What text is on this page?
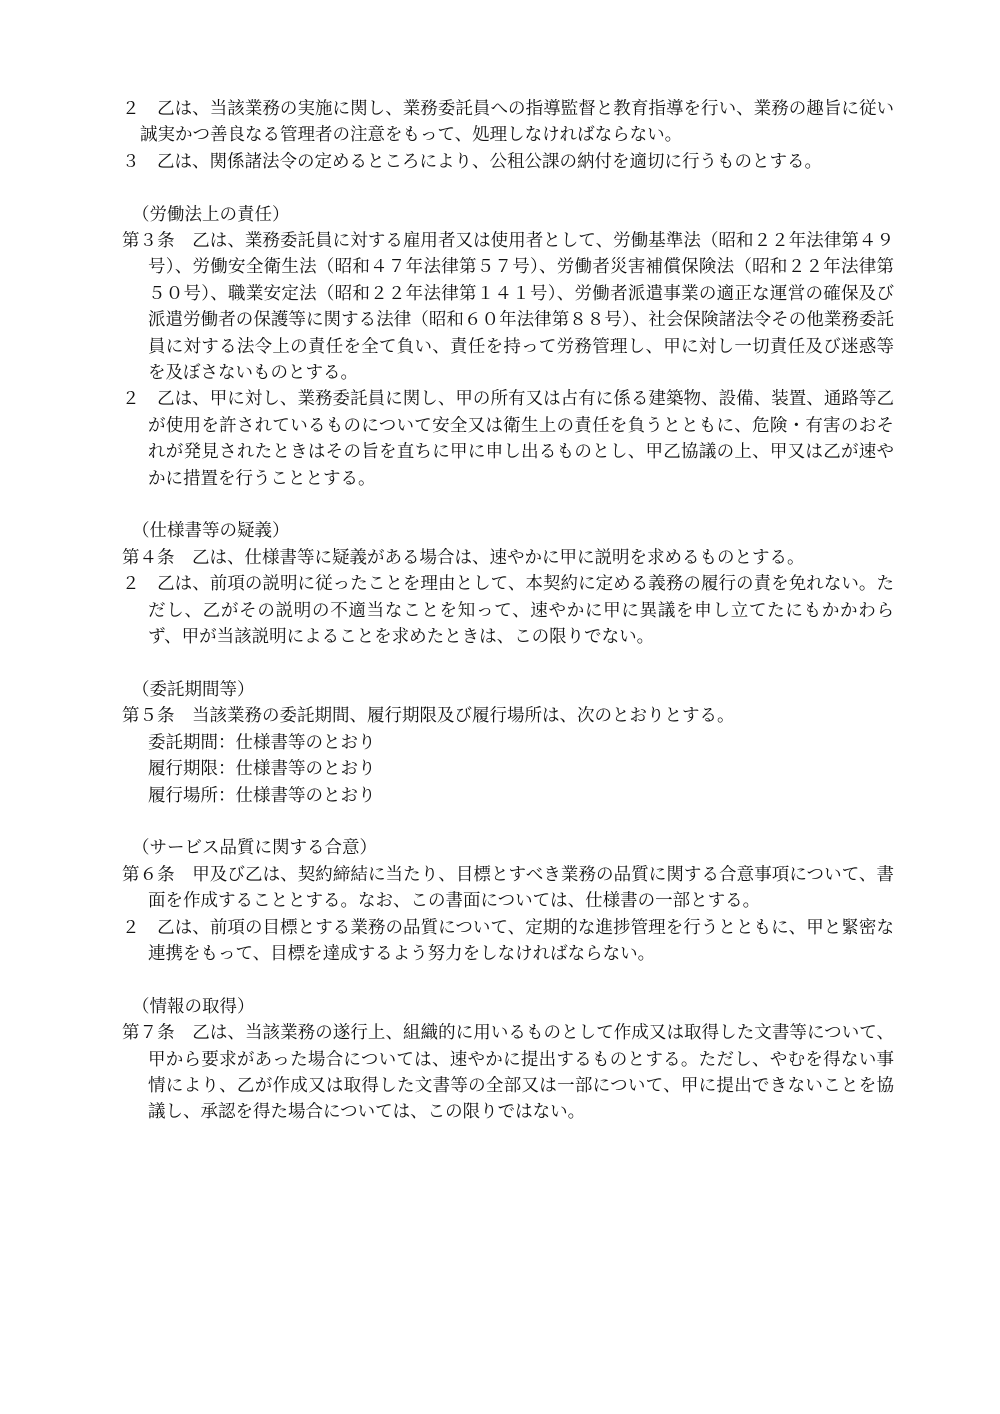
２　乙は、当該業務の実施に関し、業務委託員への指導監督と教育指導を行い、業務の趣旨に従い誠実かつ善良なる管理者の注意をもって、処理しなければならない。

３　乙は、関係諸法令の定めるところにより、公租公課の納付を適切に行うものとする。

（労働法上の責任）

第３条　乙は、業務委託員に対する雇用者又は使用者として、労働基準法（昭和２２年法律第４９号）、労働安全衛生法（昭和４７年法律第５７号）、労働者災害補償保険法（昭和２２年法律第５０号）、職業安定法（昭和２２年法律第１４１号）、労働者派遣事業の適正な運営の確保及び派遣労働者の保護等に関する法律（昭和６０年法律第８８号）、社会保険諸法令その他業務委託員に対する法令上の責任を全て負い、責任を持って労務管理し、甲に対し一切責任及び迷惑等を及ぼさないものとする。

２　乙は、甲に対し、業務委託員に関し、甲の所有又は占有に係る建築物、設備、装置、通路等乙が使用を許されているものについて安全又は衛生上の責任を負うとともに、危険・有害のおそれが発見されたときはその旨を直ちに甲に申し出るものとし、甲乙協議の上、甲又は乙が速やかに措置を行うこととする。

（仕様書等の疑義）

第４条　乙は、仕様書等に疑義がある場合は、速やかに甲に説明を求めるものとする。

２　乙は、前項の説明に従ったことを理由として、本契約に定める義務の履行の責を免れない。ただし、乙がその説明の不適当なことを知って、速やかに甲に異議を申し立てたにもかかわらず、甲が当該説明によることを求めたときは、この限りでない。

（委託期間等）

第５条　当該業務の委託期間、履行期限及び履行場所は、次のとおりとする。

委託期間：仕様書等のとおり

履行期限：仕様書等のとおり

履行場所：仕様書等のとおり

（サービス品質に関する合意）

第６条　甲及び乙は、契約締結に当たり、目標とすべき業務の品質に関する合意事項について、書面を作成することとする。なお、この書面については、仕様書の一部とする。

２　乙は、前項の目標とする業務の品質について、定期的な進捗管理を行うとともに、甲と緊密な連携をもって、目標を達成するよう努力をしなければならない。

（情報の取得）

第７条　乙は、当該業務の遂行上、組織的に用いるものとして作成又は取得した文書等について、甲から要求があった場合については、速やかに提出するものとする。ただし、やむを得ない事情により、乙が作成又は取得した文書等の全部又は一部について、甲に提出できないことを協議し、承認を得た場合については、この限りではない。
